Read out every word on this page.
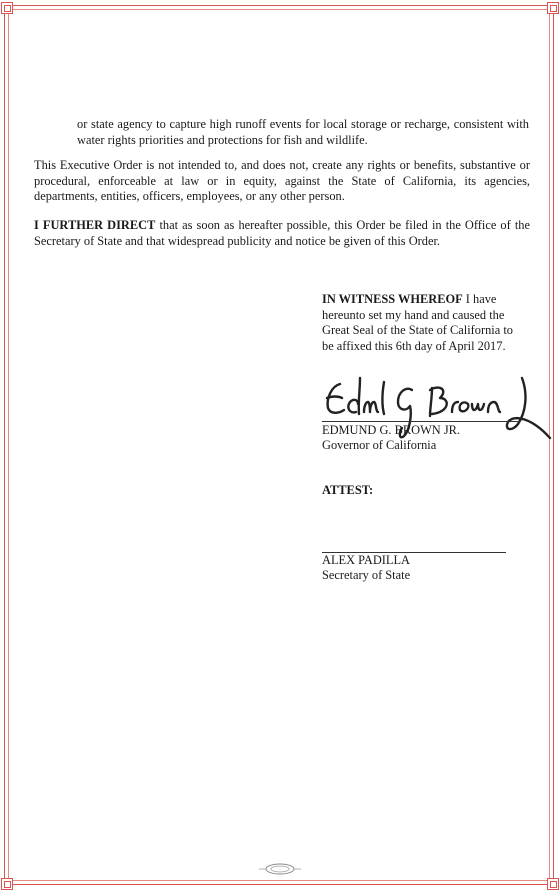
or state agency to capture high runoff events for local storage or recharge, consistent with water rights priorities and protections for fish and wildlife.

This Executive Order is not intended to, and does not, create any rights or benefits, substantive or procedural, enforceable at law or in equity, against the State of California, its agencies, departments, entities, officers, employees, or any other person.

I FURTHER DIRECT that as soon as hereafter possible, this Order be filed in the Office of the Secretary of State and that widespread publicity and notice be given of this Order.

IN WITNESS WHEREOF I have hereunto set my hand and caused the Great Seal of the State of California to be affixed this 6th day of April 2017.

EDMUND G. BROWN JR.

Governor of California

ATTEST:

ALEX PADILLA

Secretary of State
